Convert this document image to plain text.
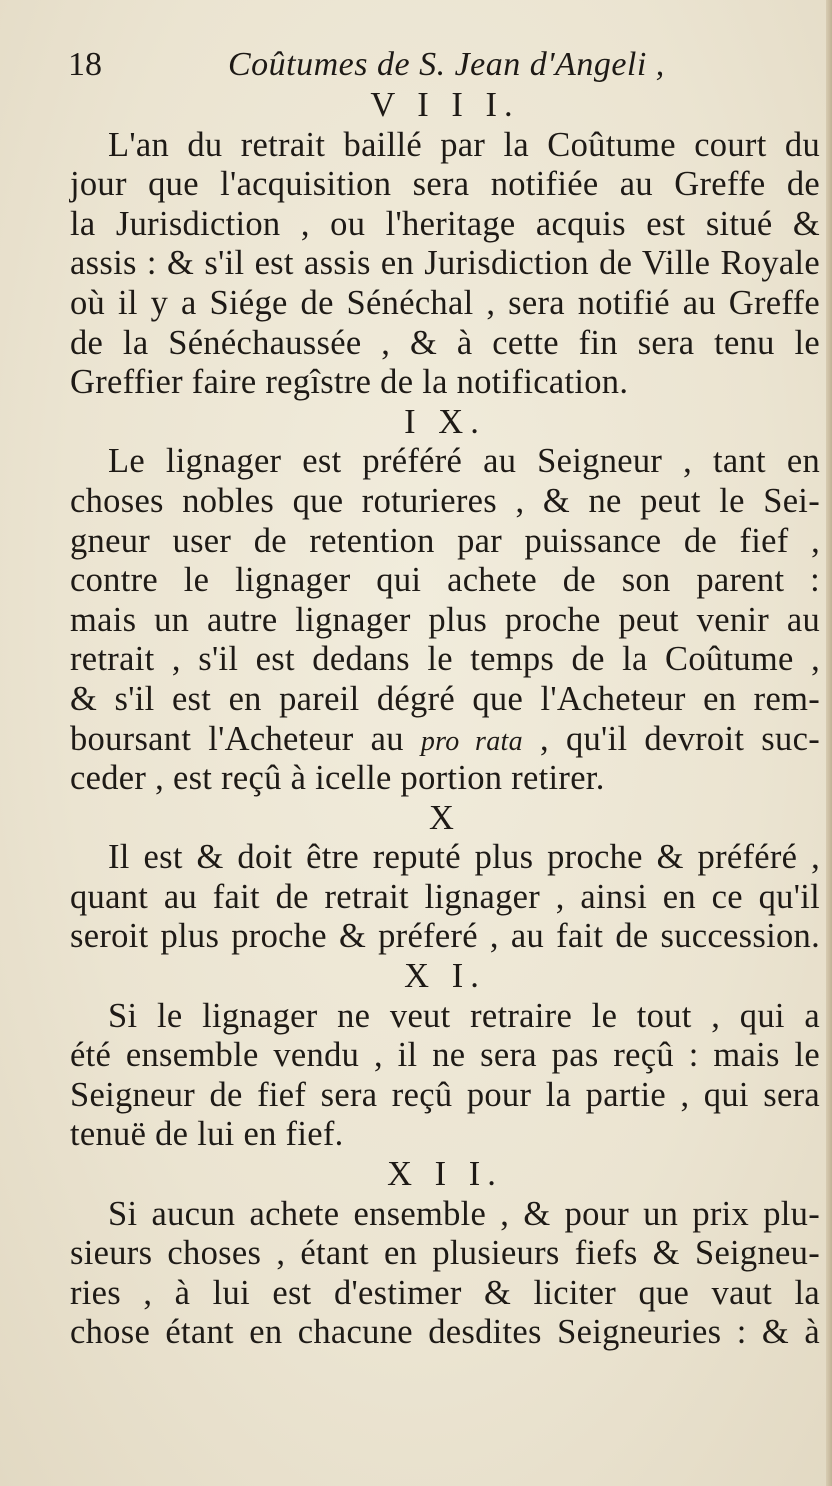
18	Coûtumes de S. Jean d'Angeli ,
V I I I.
L'an du retrait baillé par la Coûtume court du
jour que l'acquisition sera notifiée au Greffe de
la Jurisdiction , ou l'heritage acquis est situé &
assis : & s'il est assis en Jurisdiction de Ville Royale
où il y a Siége de Sénéchal , sera notifié au Greffe
de la Sénéchaussée , & à cette fin sera tenu le
Greffier faire regîstre de la notification.
I X.
Le lignager est préféré au Seigneur , tant en
choses nobles que roturieres , & ne peut le Sei-
gneur user de retention par puissance de fief ,
contre le lignager qui achete de son parent :
mais un autre lignager plus proche peut venir au
retrait , s'il est dedans le temps de la Coûtume ,
& s'il est en pareil dégré que l'Acheteur en rem-
boursant l'Acheteur au pro rata , qu'il devroit suc-
ceder , est reçû à icelle portion retirer.
X
Il est & doit être reputé plus proche & préféré ,
quant au fait de retrait lignager , ainsi en ce qu'il
seroit plus proche & préferé , au fait de succession.
X I.
Si le lignager ne veut retraire le tout , qui a
été ensemble vendu , il ne sera pas reçû : mais le
Seigneur de fief sera reçû pour la partie , qui sera
tenuë de lui en fief.
X I I.
Si aucun achete ensemble , & pour un prix plu-
sieurs choses , étant en plusieurs fiefs & Seigneu-
ries , à lui est d'estimer & liciter que vaut la
chose étant en chacune desdites Seigneuries : & à
